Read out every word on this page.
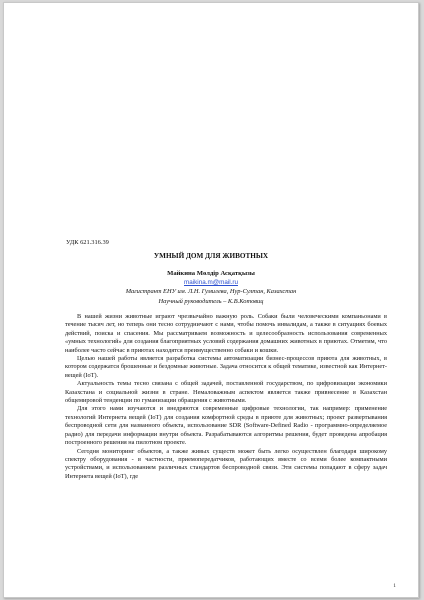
УДК 621.316.39
УМНЫЙ ДОМ ДЛЯ ЖИВОТНЫХ
Майкина Мөлдір Асқатқызы
maikina.m@mail.ru
Магистрант ЕНУ им. Л.Н. Гумилева, Нур-Султан, Казахстан
Научный руководитель – К.В.Котовиц

В нашей жизни животные играют чрезвычайно важную роль. Собаки были человеческими компаньонами в течение тысяч лет, но теперь они тесно сотрудничают с нами, чтобы помочь инвалидам, а также в ситуациях боевых действий, поиска и спасения. Мы рассматриваем возможность и целесообразность использования современных «умных технологий» для создания благоприятных условий содержания домашних животных в приютах. Отметим, что наиболее часто сейчас в приютах находятся преимущественно собаки и кошки.

Целью нашей работы является разработка системы автоматизации бизнес-процессов приюта для животных, в котором содержатся брошенные и бездомные животные. Задача относится к общей тематике, известной как Интернет-вещей (IoT).

Актуальность темы тесно связана с общей задачей, поставленной государством, по цифровизации экономики Казахстана и социальной жизни в стране. Немаловажным аспектом является также привнесение в Казахстан общемировой тенденции по гуманизации обращения с животными.

Для этого нами изучаются и внедряются современные цифровые технологии, так например: применение технологий Интернета вещей (IoT) для создания комфортной среды в приюте для животных; проект развертывания беспроводной сети для названного объекта, использование SDR (Software-Defined Radio - программно-определяемое радио) для передачи информации внутри объекта. Разрабатываются алгоритмы решения, будет проведена апробация построенного решения на пилотном проекте.

Сегодня мониторинг объектов, а также живых существ может быть легко осуществлен благодаря широкому спектру оборудования - в частности, приемопередатчиков, работающих вместе со всеми более компактными устройствами, и использованием различных стандартов беспроводной связи. Эти системы попадают в сферу задач Интернета вещей (IoT), где

1
